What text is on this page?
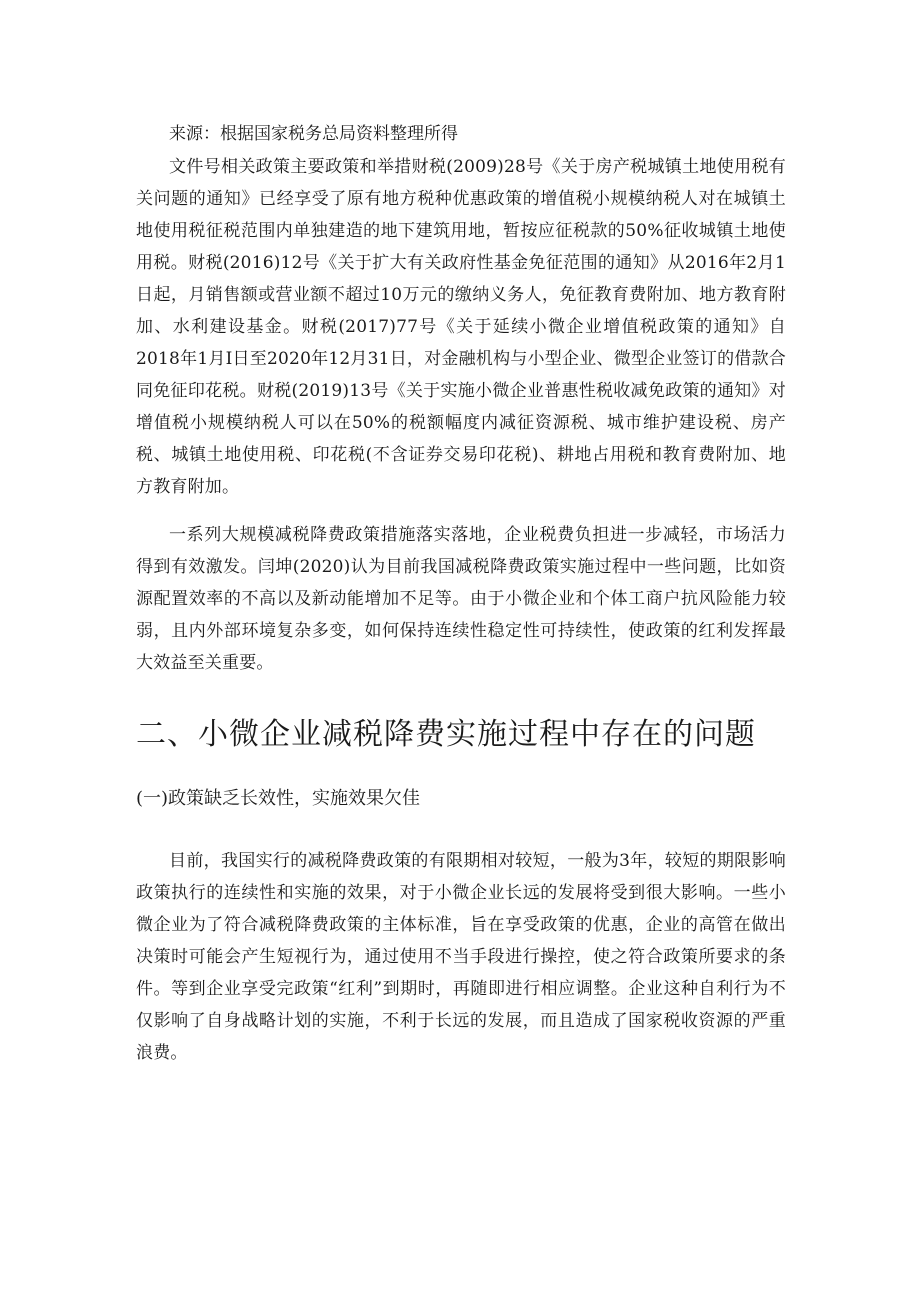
来源：根据国家税务总局资料整理所得

文件号相关政策主要政策和举措财税(2009)28号《关于房产税城镇土地使用税有关问题的通知》已经享受了原有地方税种优惠政策的增值税小规模纳税人对在城镇土地使用税征税范围内单独建造的地下建筑用地，暂按应征税款的50%征收城镇土地使用税。财税(2016)12号《关于扩大有关政府性基金免征范围的通知》从2016年2月1日起，月销售额或营业额不超过10万元的缴纳义务人，免征教育费附加、地方教育附加、水利建设基金。财税(2017)77号《关于延续小微企业增值税政策的通知》自2018年1月I日至2020年12月31日，对金融机构与小型企业、微型企业签订的借款合同免征印花税。财税(2019)13号《关于实施小微企业普惠性税收减免政策的通知》对增值税小规模纳税人可以在50%的税额幅度内减征资源税、城市维护建设税、房产税、城镇土地使用税、印花税(不含证券交易印花税)、耕地占用税和教育费附加、地方教育附加。

一系列大规模减税降费政策措施落实落地，企业税费负担进一步减轻，市场活力得到有效激发。闫坤(2020)认为目前我国减税降费政策实施过程中一些问题，比如资源配置效率的不高以及新动能增加不足等。由于小微企业和个体工商户抗风险能力较弱，且内外部环境复杂多变，如何保持连续性稳定性可持续性，使政策的红利发挥最大效益至关重要。

二、小微企业减税降费实施过程中存在的问题
(一)政策缺乏长效性，实施效果欠佳

目前，我国实行的减税降费政策的有限期相对较短，一般为3年，较短的期限影响政策执行的连续性和实施的效果，对于小微企业长远的发展将受到很大影响。一些小微企业为了符合减税降费政策的主体标准，旨在享受政策的优惠，企业的高管在做出决策时可能会产生短视行为，通过使用不当手段进行操控，使之符合政策所要求的条件。等到企业享受完政策“红利”到期时，再随即进行相应调整。企业这种自利行为不仅影响了自身战略计划的实施，不利于长远的发展，而且造成了国家税收资源的严重浪费。
